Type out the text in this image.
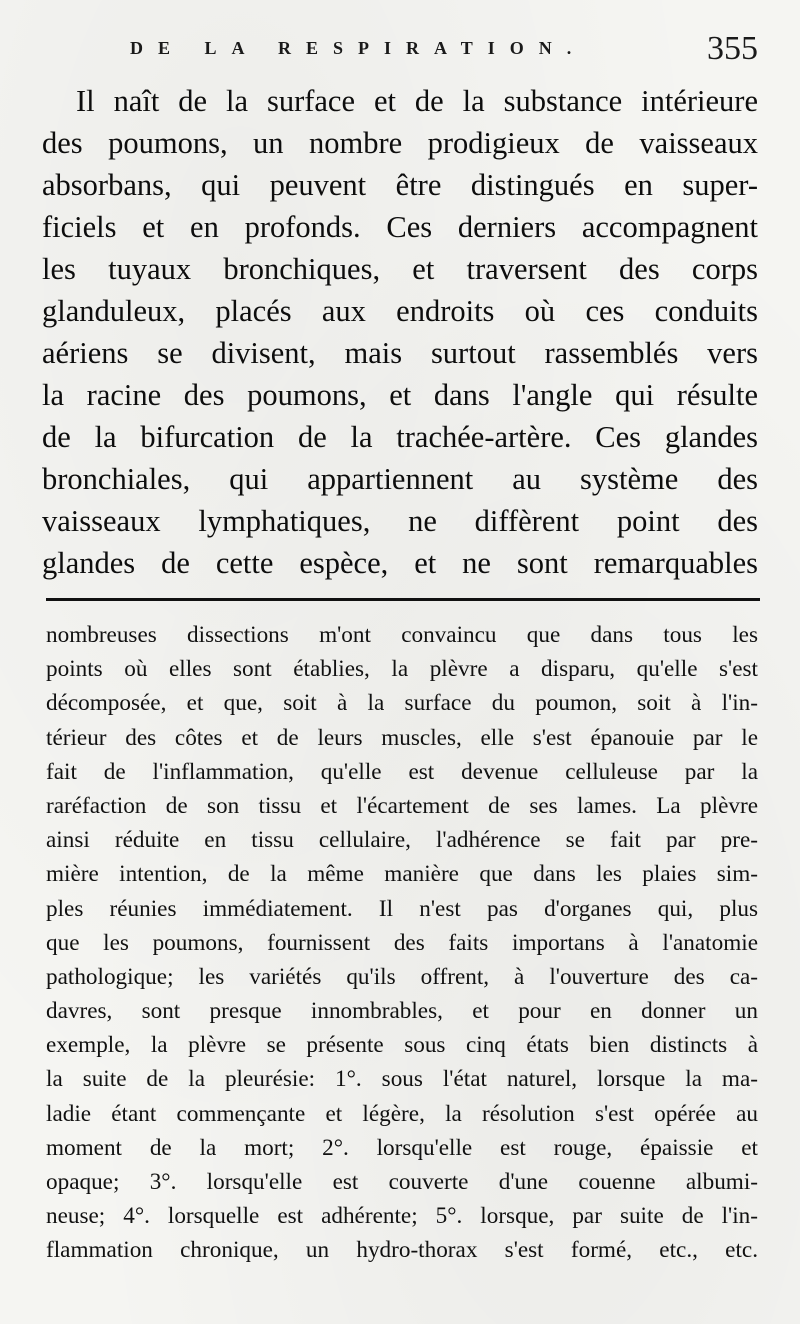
DE LA RESPIRATION.	355
Il naît de la surface et de la substance intérieure
des poumons, un nombre prodigieux de vaisseaux
absorbans, qui peuvent être distingués en super-
ficiels et en profonds. Ces derniers accompagnent
les tuyaux bronchiques, et traversent des corps
glanduleux, placés aux endroits où ces conduits
aériens se divisent, mais surtout rassemblés vers
la racine des poumons, et dans l'angle qui résulte
de la bifurcation de la trachée-artère. Ces glandes
bronchiales, qui appartiennent au système des
vaisseaux lymphatiques, ne diffèrent point des
glandes de cette espèce, et ne sont remarquables
nombreuses dissections m'ont convaincu que dans tous les
points où elles sont établies, la plèvre a disparu, qu'elle s'est
décomposée, et que, soit à la surface du poumon, soit à l'in-
térieur des côtes et de leurs muscles, elle s'est épanouie par le
fait de l'inflammation, qu'elle est devenue celluleuse par la
raréfaction de son tissu et l'écartement de ses lames. La plèvre
ainsi réduite en tissu cellulaire, l'adhérence se fait par pre-
mière intention, de la même manière que dans les plaies sim-
ples réunies immédiatement. Il n'est pas d'organes qui, plus
que les poumons, fournissent des faits importans à l'anatomie
pathologique; les variétés qu'ils offrent, à l'ouverture des ca-
davres, sont presque innombrables, et pour en donner un
exemple, la plèvre se présente sous cinq états bien distincts à
la suite de la pleurésie: 1°. sous l'état naturel, lorsque la ma-
ladie étant commençante et légère, la résolution s'est opérée au
moment de la mort; 2°. lorsqu'elle est rouge, épaissie et
opaque; 3°. lorsqu'elle est couverte d'une couenne albumi-
neuse; 4°. lorsquelle est adhérente; 5°. lorsque, par suite de l'in-
flammation chronique, un hydro-thorax s'est formé, etc., etc.
